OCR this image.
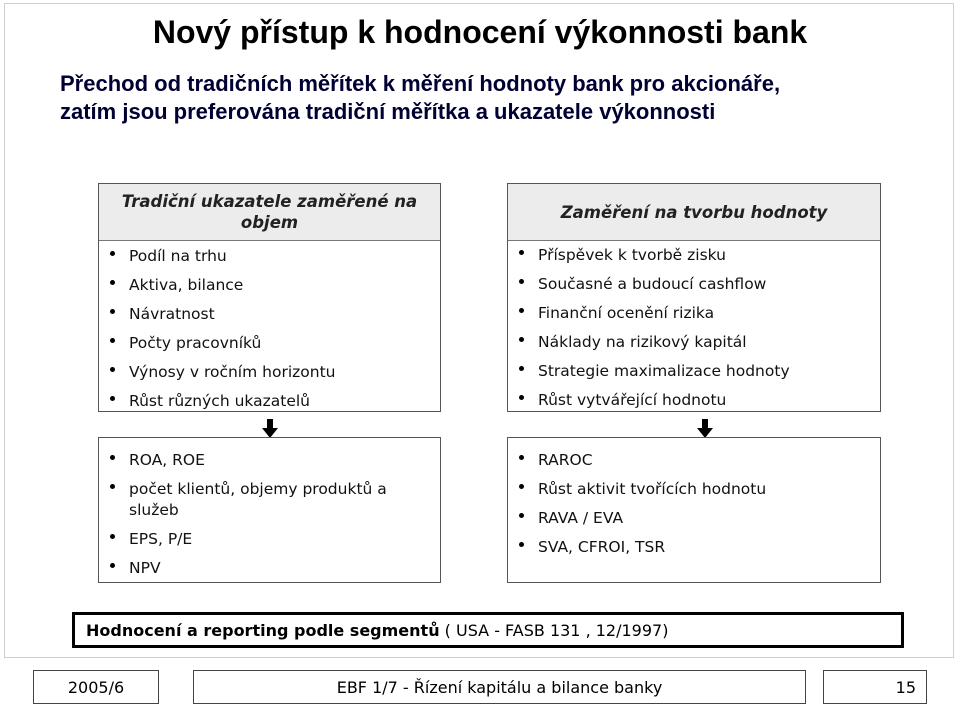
Nový přístup k hodnocení výkonnosti bank
Přechod od tradičních měřítek k měření hodnoty bank pro akcionáře,
zatím jsou preferována tradiční měřítka a ukazatele výkonnosti
Tradiční ukazatele zaměřené na
objem
Podíl na trhu
Aktiva, bilance
Návratnost
Počty pracovníků
Výnosy v ročním horizontu
Růst různých ukazatelů
Zaměření na tvorbu hodnoty
Příspěvek k tvorbě zisku
Současné a budoucí cashflow
Finanční ocenění rizika
Náklady na rizikový kapitál
Strategie maximalizace hodnoty
Růst vytvářející hodnotu
ROA, ROE
počet klientů, objemy produktů a služeb
EPS, P/E
NPV
RAROC
Růst aktivit tvořících hodnotu
RAVA / EVA
SVA, CFROI, TSR
Hodnocení a reporting podle segmentů ( USA - FASB 131 , 12/1997)
2005/6	EBF 1/7 - Řízení kapitálu a bilance banky	15
